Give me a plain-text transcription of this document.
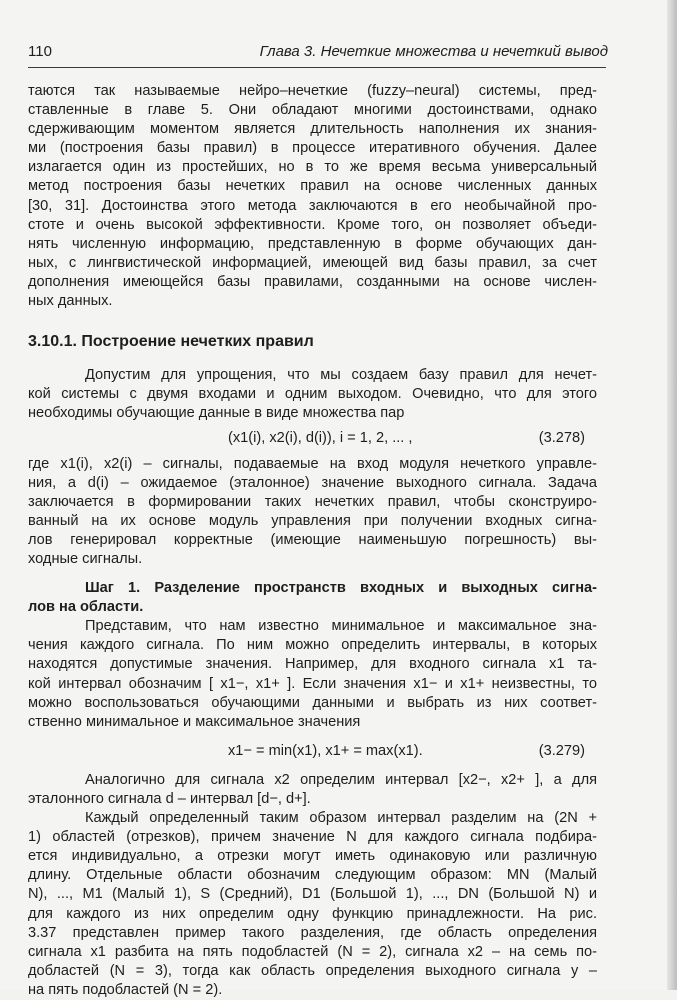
110	Глава 3. Нечеткие множества и нечеткий вывод
таются так называемые нейро–нечеткие (fuzzy–neural) системы, пред-
ставленные в главе 5. Они обладают многими достоинствами, однако
сдерживающим моментом является длительность наполнения их знания-
ми (построения базы правил) в процессе итеративного обучения. Далее
излагается один из простейших, но в то же время весьма универсальный
метод построения базы нечетких правил на основе численных данных
[30, 31]. Достоинства этого метода заключаются в его необычайной про-
стоте и очень высокой эффективности. Кроме того, он позволяет объеди-
нять численную информацию, представленную в форме обучающих дан-
ных, с лингвистической информацией, имеющей вид базы правил, за счет
дополнения имеющейся базы правилами, созданными на основе числен-
ных данных.
3.10.1. Построение нечетких правил
Допустим для упрощения, что мы создаем базу правил для нечет-
кой системы с двумя входами и одним выходом. Очевидно, что для этого
необходимы обучающие данные в виде множества пар
(x1(i), x2(i), d(i)), i = 1, 2, ... ,	(3.278)
где x1(i), x2(i) – сигналы, подаваемые на вход модуля нечеткого управле-
ния, а d(i) – ожидаемое (эталонное) значение выходного сигнала. Задача
заключается в формировании таких нечетких правил, чтобы сконструиро-
ванный на их основе модуль управления при получении входных сигна-
лов генерировал корректные (имеющие наименьшую погрешность) вы-
ходные сигналы.
Шаг 1. Разделение пространств входных и выходных сигна-
лов на области.
Представим, что нам известно минимальное и максимальное зна-
чения каждого сигнала. По ним можно определить интервалы, в которых
находятся допустимые значения. Например, для входного сигнала x1 та-
кой интервал обозначим [ x1−, x1+ ]. Если значения x1− и x1+ неизвестны, то
можно воспользоваться обучающими данными и выбрать из них соответ-
ственно минимальное и максимальное значения
x1− = min(x1), x1+ = max(x1).	(3.279)
Аналогично для сигнала x2 определим интервал [x2−, x2+ ], а для
эталонного сигнала d – интервал [d−, d+].
Каждый определенный таким образом интервал разделим на (2N +
1) областей (отрезков), причем значение N для каждого сигнала подбира-
ется индивидуально, а отрезки могут иметь одинаковую или различную
длину. Отдельные области обозначим следующим образом: MN (Малый
N), ..., M1 (Малый 1), S (Средний), D1 (Большой 1), ..., DN (Большой N) и
для каждого из них определим одну функцию принадлежности. На рис.
3.37 представлен пример такого разделения, где область определения
сигнала x1 разбита на пять подобластей (N = 2), сигнала x2 – на семь по-
добластей (N = 3), тогда как область определения выходного сигнала y –
на пять подобластей (N = 2).
